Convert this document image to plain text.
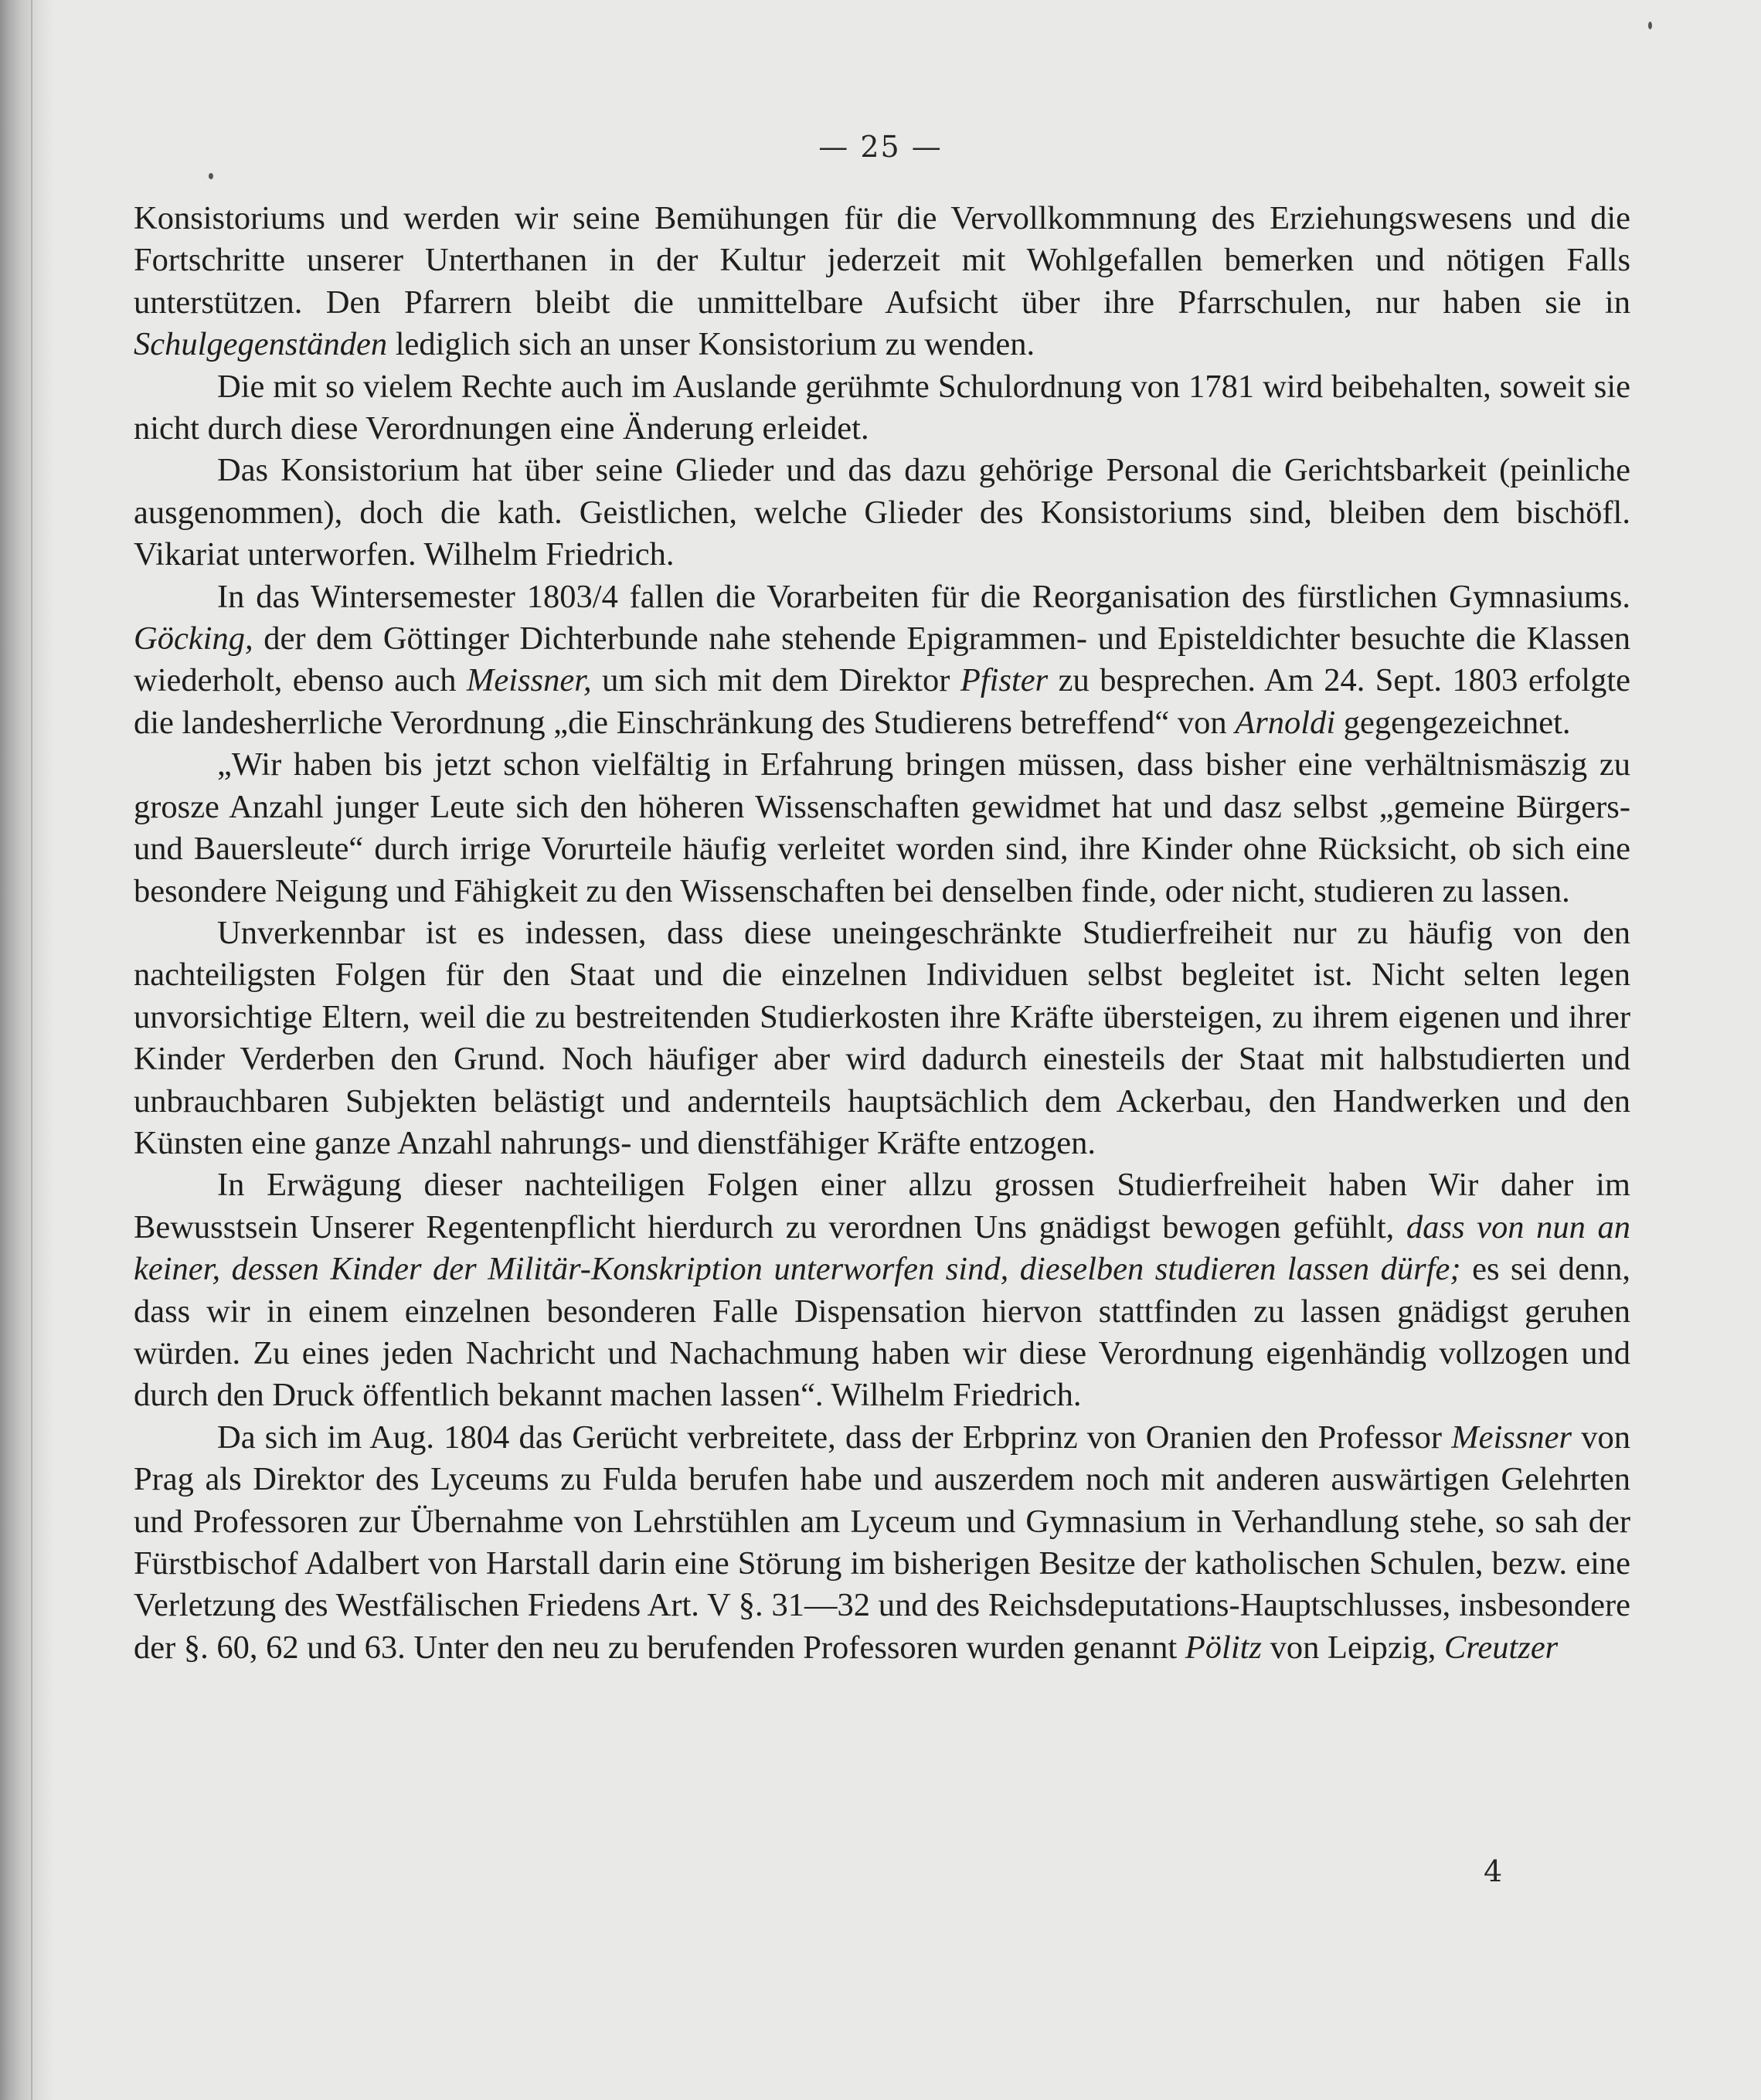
— 25 —

Konsistoriums und werden wir seine Bemühungen für die Vervollkommnung des Erziehungswesens und die Fortschritte unserer Unterthanen in der Kultur jederzeit mit Wohlgefallen bemerken und nötigen Falls unterstützen. Den Pfarrern bleibt die unmittelbare Aufsicht über ihre Pfarrschulen, nur haben sie in Schulgegenständen lediglich sich an unser Konsistorium zu wenden.

Die mit so vielem Rechte auch im Auslande gerühmte Schulordnung von 1781 wird beibehalten, soweit sie nicht durch diese Verordnungen eine Änderung erleidet.

Das Konsistorium hat über seine Glieder und das dazu gehörige Personal die Gerichtsbarkeit (peinliche ausgenommen), doch die kath. Geistlichen, welche Glieder des Konsistoriums sind, bleiben dem bischöfl. Vikariat unterworfen. Wilhelm Friedrich.

In das Wintersemester 1803/4 fallen die Vorarbeiten für die Reorganisation des fürstlichen Gymnasiums. Göcking, der dem Göttinger Dichterbunde nahe stehende Epigrammen- und Episteldichter besuchte die Klassen wiederholt, ebenso auch Meissner, um sich mit dem Direktor Pfister zu besprechen. Am 24. Sept. 1803 erfolgte die landesherrliche Verordnung „die Einschränkung des Studierens betreffend“ von Arnoldi gegengezeichnet.

„Wir haben bis jetzt schon vielfältig in Erfahrung bringen müssen, dass bisher eine verhältnismäszig zu grosze Anzahl junger Leute sich den höheren Wissenschaften gewidmet hat und dasz selbst „gemeine Bürgers- und Bauersleute“ durch irrige Vorurteile häufig verleitet worden sind, ihre Kinder ohne Rücksicht, ob sich eine besondere Neigung und Fähigkeit zu den Wissenschaften bei denselben finde, oder nicht, studieren zu lassen.

Unverkennbar ist es indessen, dass diese uneingeschränkte Studierfreiheit nur zu häufig von den nachteiligsten Folgen für den Staat und die einzelnen Individuen selbst begleitet ist. Nicht selten legen unvorsichtige Eltern, weil die zu bestreitenden Studierkosten ihre Kräfte übersteigen, zu ihrem eigenen und ihrer Kinder Verderben den Grund. Noch häufiger aber wird dadurch einesteils der Staat mit halbstudierten und unbrauchbaren Subjekten belästigt und andernteils hauptsächlich dem Ackerbau, den Handwerken und den Künsten eine ganze Anzahl nahrungs- und dienstfähiger Kräfte entzogen.

In Erwägung dieser nachteiligen Folgen einer allzu grossen Studierfreiheit haben Wir daher im Bewusstsein Unserer Regentenpflicht hierdurch zu verordnen Uns gnädigst bewogen gefühlt, dass von nun an keiner, dessen Kinder der Militär-Konskription unterworfen sind, dieselben studieren lassen dürfe; es sei denn, dass wir in einem einzelnen besonderen Falle Dispensation hiervon stattfinden zu lassen gnädigst geruhen würden. Zu eines jeden Nachricht und Nachachmung haben wir diese Verordnung eigenhändig vollzogen und durch den Druck öffentlich bekannt machen lassen“. Wilhelm Friedrich.

Da sich im Aug. 1804 das Gerücht verbreitete, dass der Erbprinz von Oranien den Professor Meissner von Prag als Direktor des Lyceums zu Fulda berufen habe und auszerdem noch mit anderen auswärtigen Gelehrten und Professoren zur Übernahme von Lehrstühlen am Lyceum und Gymnasium in Verhandlung stehe, so sah der Fürstbischof Adalbert von Harstall darin eine Störung im bisherigen Besitze der katholischen Schulen, bezw. eine Verletzung des Westfälischen Friedens Art. V §. 31—32 und des Reichsdeputations-Hauptschlusses, insbesondere der §. 60, 62 und 63. Unter den neu zu berufenden Professoren wurden genannt Pölitz von Leipzig, Creutzer

4
